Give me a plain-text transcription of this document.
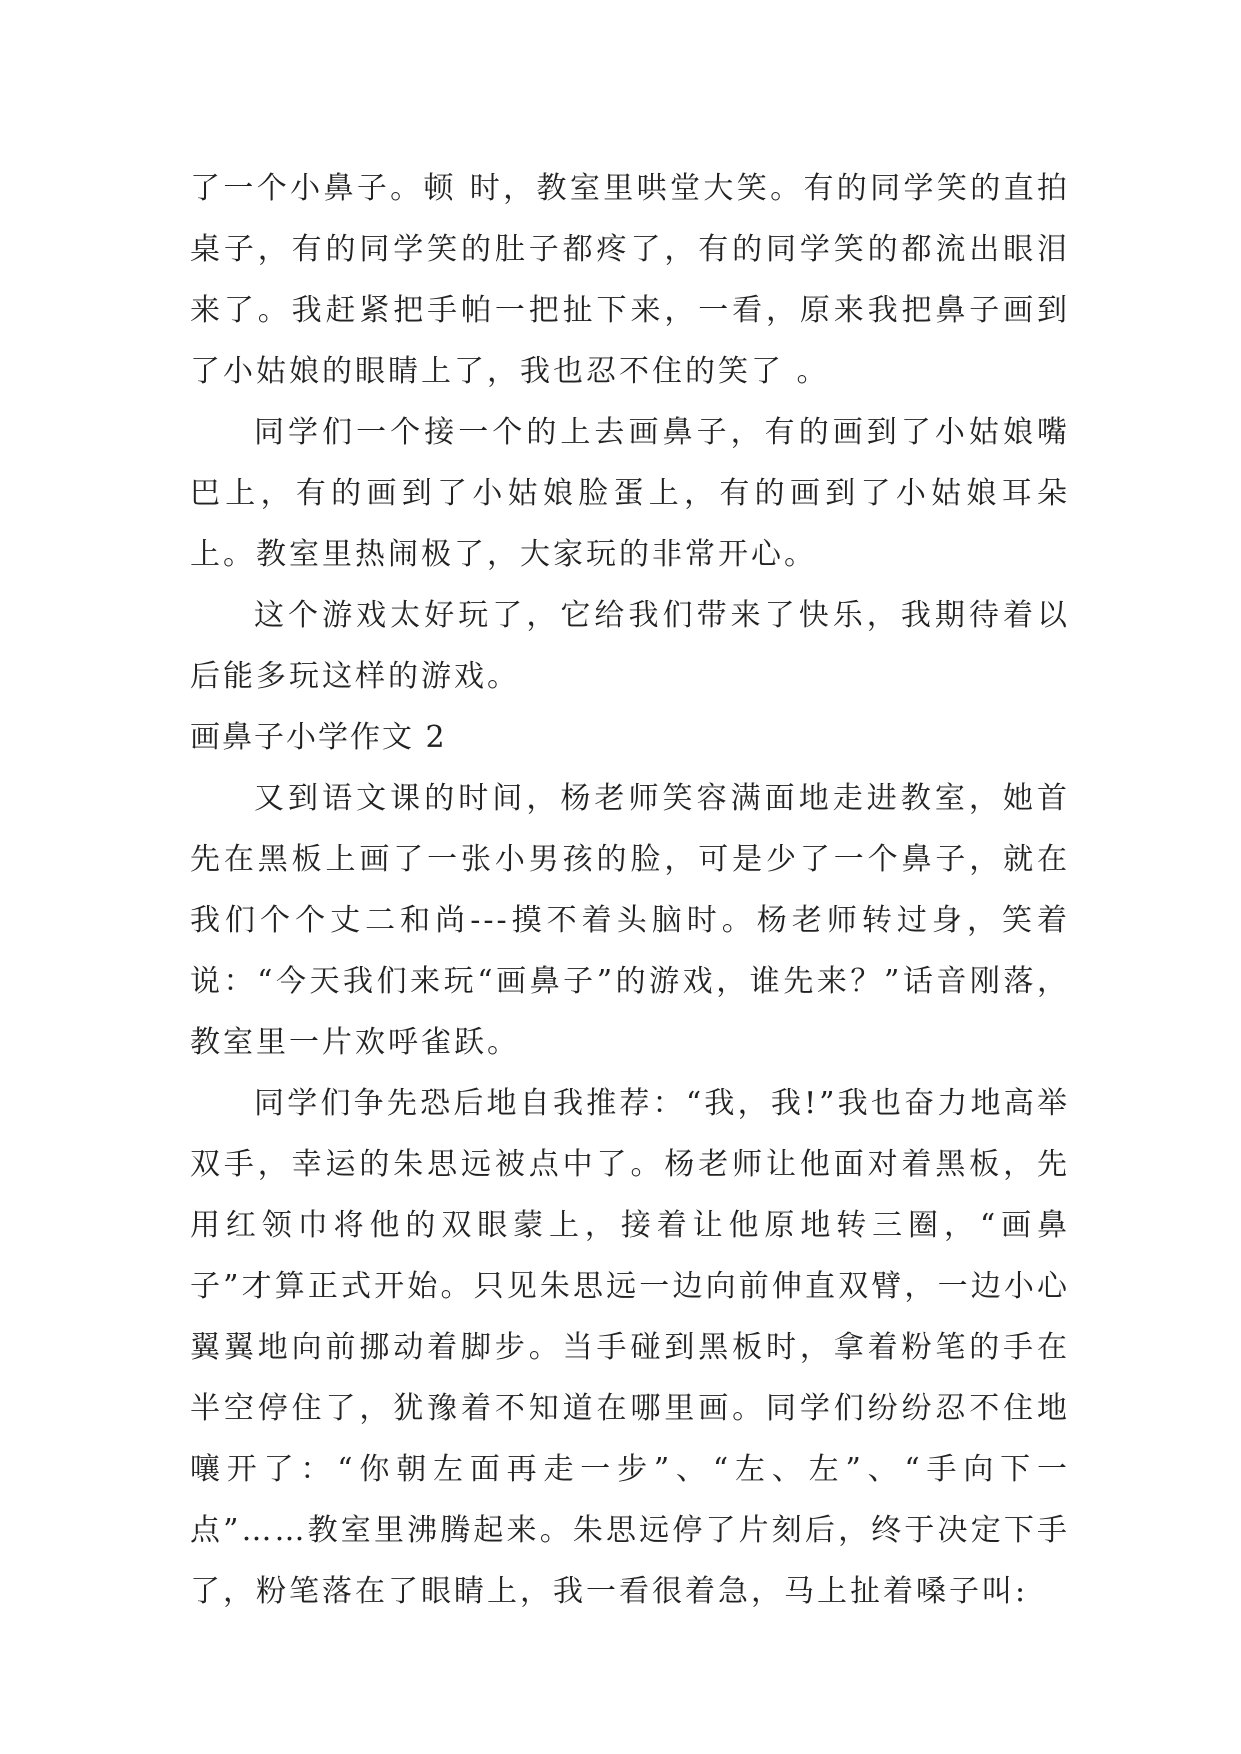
了一个小鼻子。顿 时，教室里哄堂大笑。有的同学笑的直拍桌子，有的同学笑的肚子都疼了，有的同学笑的都流出眼泪来了。我赶紧把手帕一把扯下来，一看，原来我把鼻子画到了小姑娘的眼睛上了，我也忍不住的笑了 。

同学们一个接一个的上去画鼻子，有的画到了小姑娘嘴巴上，有的画到了小姑娘脸蛋上，有的画到了小姑娘耳朵上。教室里热闹极了，大家玩的非常开心。

这个游戏太好玩了，它给我们带来了快乐，我期待着以后能多玩这样的游戏。

画鼻子小学作文 2

又到语文课的时间，杨老师笑容满面地走进教室，她首先在黑板上画了一张小男孩的脸，可是少了一个鼻子，就在我们个个丈二和尚---摸不着头脑时。杨老师转过身，笑着说：“今天我们来玩“画鼻子”的游戏，谁先来？”话音刚落，教室里一片欢呼雀跃。

同学们争先恐后地自我推荐：“我，我!”我也奋力地高举双手，幸运的朱思远被点中了。杨老师让他面对着黑板，先用红领巾将他的双眼蒙上，接着让他原地转三圈，“画鼻子”才算正式开始。只见朱思远一边向前伸直双臂，一边小心翼翼地向前挪动着脚步。当手碰到黑板时，拿着粉笔的手在半空停住了，犹豫着不知道在哪里画。同学们纷纷忍不住地嚷开了：“你朝左面再走一步”、“左、左”、“手向下一点”……教室里沸腾起来。朱思远停了片刻后，终于决定下手了，粉笔落在了眼睛上，我一看很着急，马上扯着嗓子叫:
